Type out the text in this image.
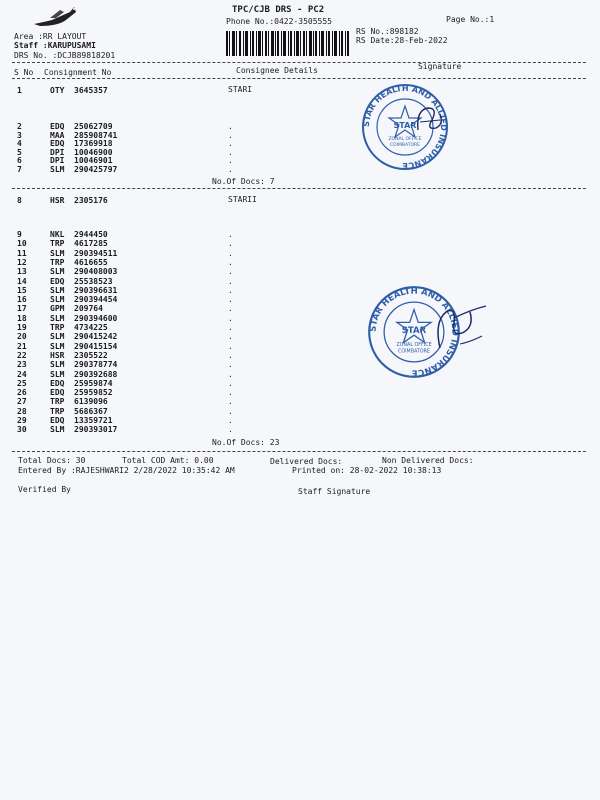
TPC/CJB DRS - PC2
Phone No.:0422-3505555	Page No.:1
RS No.:898182
RS Date:28-Feb-2022
Area :RR LAYOUT
Staff :KARUPUSAMI
DRS No. :DCJB89818201
S No Consignment No	Consignee Details	Signature
1	OTY 3645357	STARI
2	EDQ 25062709	.
3	MAA 285908741	.
4	EDQ 17369918	.
5	DPI 10046900	.
6	DPI 10046901	.
7	SLM 290425797	.
No.Of Docs: 7
8	HSR 2305176	STARII
9	NKL 2944450	.
10	TRP 4617285	.
11	SLM 290394511	.
12	TRP 4616655	.
13	SLM 290408003	.
14	EDQ 25538523	.
15	SLM 290396631	.
16	SLM 290394454	.
17	GPM 209764	.
18	SLM 290394600	.
19	TRP 4734225	.
20	SLM 290415242	.
21	SLM 290415154	.
22	HSR 2305522	.
23	SLM 290378774	.
24	SLM 290392688	.
25	EDQ 25959874	.
26	EDQ 25959852	.
27	TRP 6139096	.
28	TRP 5686367	.
29	EDQ 13359721	.
30	SLM 290393017	.
No.Of Docs: 23
Total Docs: 30	Total COD Amt: 0.00	Delivered Docs:	Non Delivered Docs:
Entered By :RAJESHWARI2 2/28/2022 10:35:42 AM	Printed on: 28-02-2022 10:38:13
Verified By	Staff Signature
STAR HEALTH AND ALLIED INSURANCE
STAR
ZONAL OFFICE
COIMBATORE
STAR HEALTH AND ALLIED INSURANCE
STAR
ZONAL OFFICE
COIMBATORE
